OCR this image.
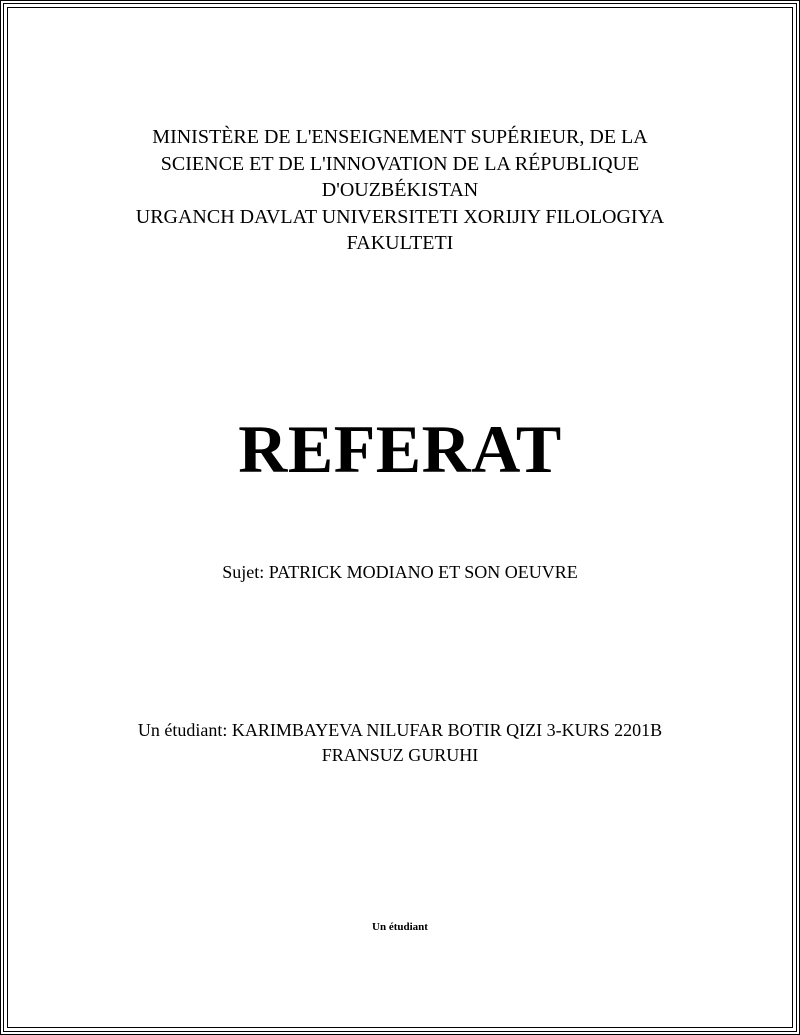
MINISTÈRE DE L'ENSEIGNEMENT SUPÉRIEUR, DE LA
SCIENCE ET DE L'INNOVATION DE LA RÉPUBLIQUE
D'OUZBÉKISTAN
URGANCH DAVLAT UNIVERSITETI XORIJIY FILOLOGIYA
FAKULTETI
REFERAT
Sujet: PATRICK MODIANO ET SON OEUVRE
Un étudiant: KARIMBAYEVA NILUFAR BOTIR QIZI 3-KURS 2201B
FRANSUZ GURUHI
Un étudiant
